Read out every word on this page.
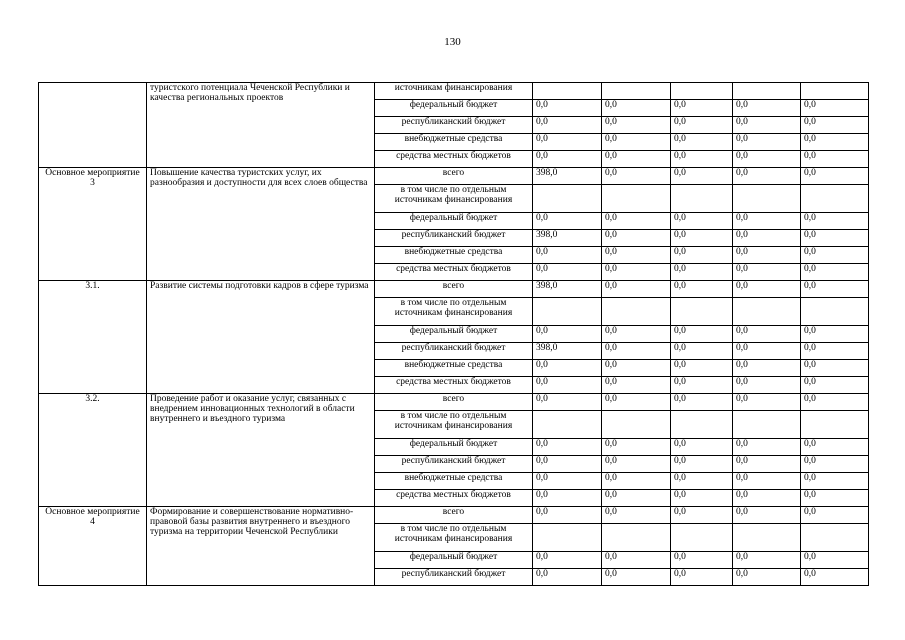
130
	туристского потенциала Чеченской Республики и качества региональных проектов	источникам финансирования						
		федеральный бюджет	0,0	0,0	0,0	0,0	0,0	
		республиканский бюджет	0,0	0,0	0,0	0,0	0,0	
		внебюджетные средства	0,0	0,0	0,0	0,0	0,0	
		средства местных бюджетов	0,0	0,0	0,0	0,0	0,0	
Основное мероприятие 3	Повышение качества туристских услуг, их разнообразия и доступности для всех слоев общества	всего	398,0	0,0	0,0	0,0	0,0	
		в том числе по отдельным источникам финансирования						
		федеральный бюджет	0,0	0,0	0,0	0,0	0,0	
		республиканский бюджет	398,0	0,0	0,0	0,0	0,0	
		внебюджетные средства	0,0	0,0	0,0	0,0	0,0	
		средства местных бюджетов	0,0	0,0	0,0	0,0	0,0	
3.1.	Развитие системы подготовки кадров в сфере туризма	всего	398,0	0,0	0,0	0,0	0,0	
		в том числе по отдельным источникам финансирования						
		федеральный бюджет	0,0	0,0	0,0	0,0	0,0	
		республиканский бюджет	398,0	0,0	0,0	0,0	0,0	
		внебюджетные средства	0,0	0,0	0,0	0,0	0,0	
		средства местных бюджетов	0,0	0,0	0,0	0,0	0,0	
3.2.	Проведение работ и оказание услуг, связанных с внедрением инновационных технологий в области внутреннего и въездного туризма	всего	0,0	0,0	0,0	0,0	0,0	
		в том числе по отдельным источникам финансирования						
		федеральный бюджет	0,0	0,0	0,0	0,0	0,0	
		республиканский бюджет	0,0	0,0	0,0	0,0	0,0	
		внебюджетные средства	0,0	0,0	0,0	0,0	0,0	
		средства местных бюджетов	0,0	0,0	0,0	0,0	0,0	
Основное мероприятие 4	Формирование и совершенствование нормативно-правовой базы развития внутреннего и въездного туризма на территории Чеченской Республики	всего	0,0	0,0	0,0	0,0	0,0	
		в том числе по отдельным источникам финансирования						
		федеральный бюджет	0,0	0,0	0,0	0,0	0,0	
		республиканский бюджет	0,0	0,0	0,0	0,0	0,0	
